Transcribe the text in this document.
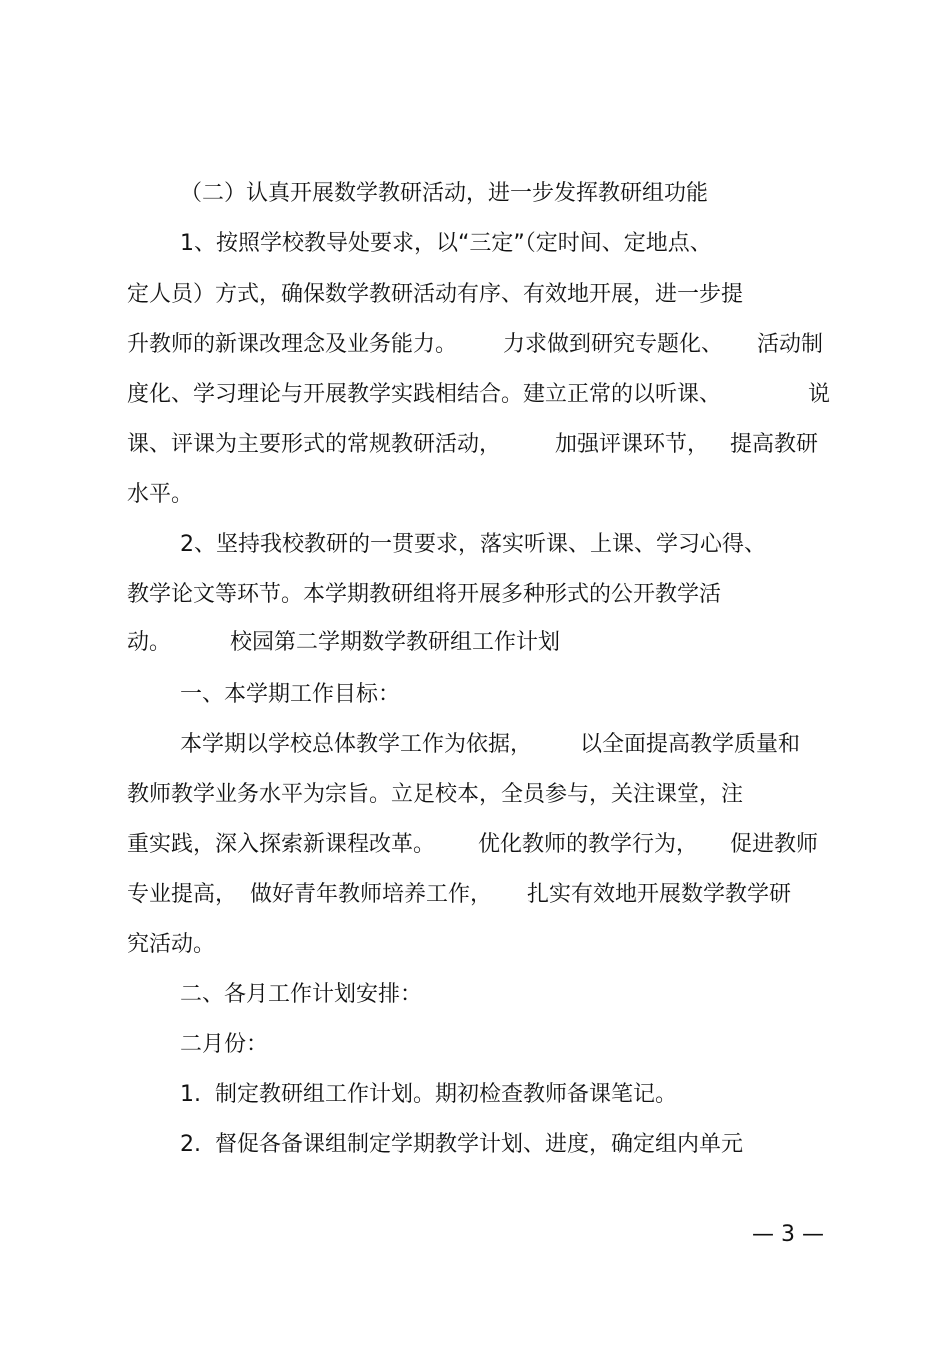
（二）认真开展数学教研活动，进一步发挥教研组功能
1、按照学校教导处要求，以“三定”（定时间、定地点、
定人员）方式，确保数学教研活动有序、有效地开展，进一步提
升教师的新课改理念及业务能力。 力求做到研究专题化、 活动制
度化、学习理论与开展教学实践相结合。建立正常的以听课、	说
课、评课为主要形式的常规教研活动， 加强评课环节， 提高教研
水平。
2、坚持我校教研的一贯要求，落实听课、上课、学习心得、
教学论文等环节。本学期教研组将开展多种形式的公开教学活
动。	校园第二学期数学教研组工作计划
一、本学期工作目标：
本学期以学校总体教学工作为依据， 以全面提高教学质量和
教师教学业务水平为宗旨。立足校本，全员参与，关注课堂，注
重实践，深入探索新课程改革。 优化教师的教学行为， 促进教师
专业提高， 做好青年教师培养工作， 扎实有效地开展数学教学研
究活动。
二、各月工作计划安排：
二月份：
1.  制定教研组工作计划。期初检查教师备课笔记。
2.  督促各备课组制定学期教学计划、进度，确定组内单元
— 3 —
